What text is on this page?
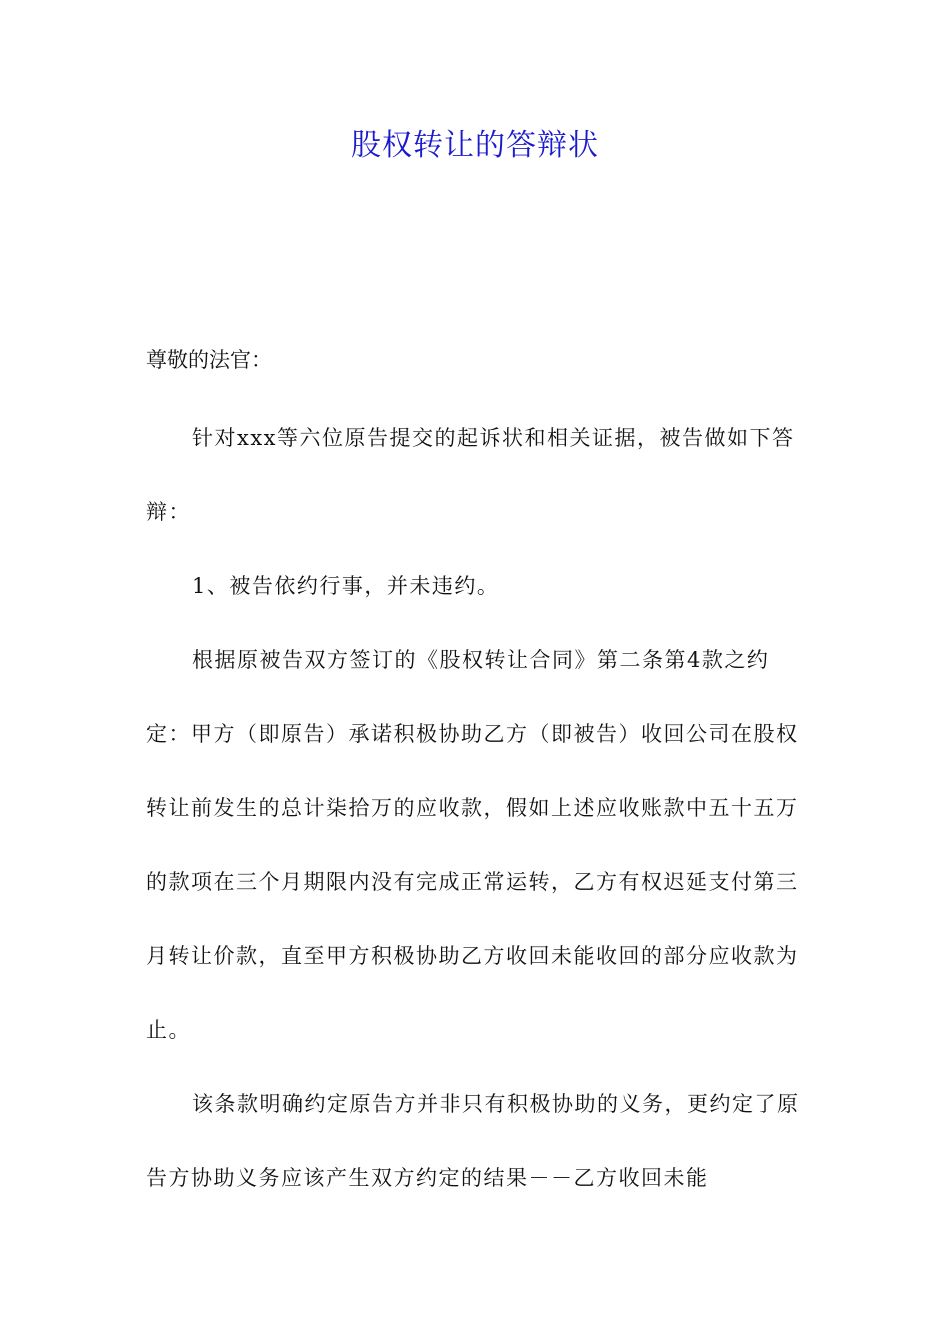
股权转让的答辩状
尊敬的法官：

针对xxx等六位原告提交的起诉状和相关证据，被告做如下答辩：

1、被告依约行事，并未违约。

根据原被告双方签订的《股权转让合同》第二条第4款之约定：甲方（即原告）承诺积极协助乙方（即被告）收回公司在股权转让前发生的总计柒拾万的应收款，假如上述应收账款中五十五万的款项在三个月期限内没有完成正常运转，乙方有权迟延支付第三月转让价款，直至甲方积极协助乙方收回未能收回的部分应收款为止。

该条款明确约定原告方并非只有积极协助的义务，更约定了原告方协助义务应该产生双方约定的结果－－乙方收回未能
